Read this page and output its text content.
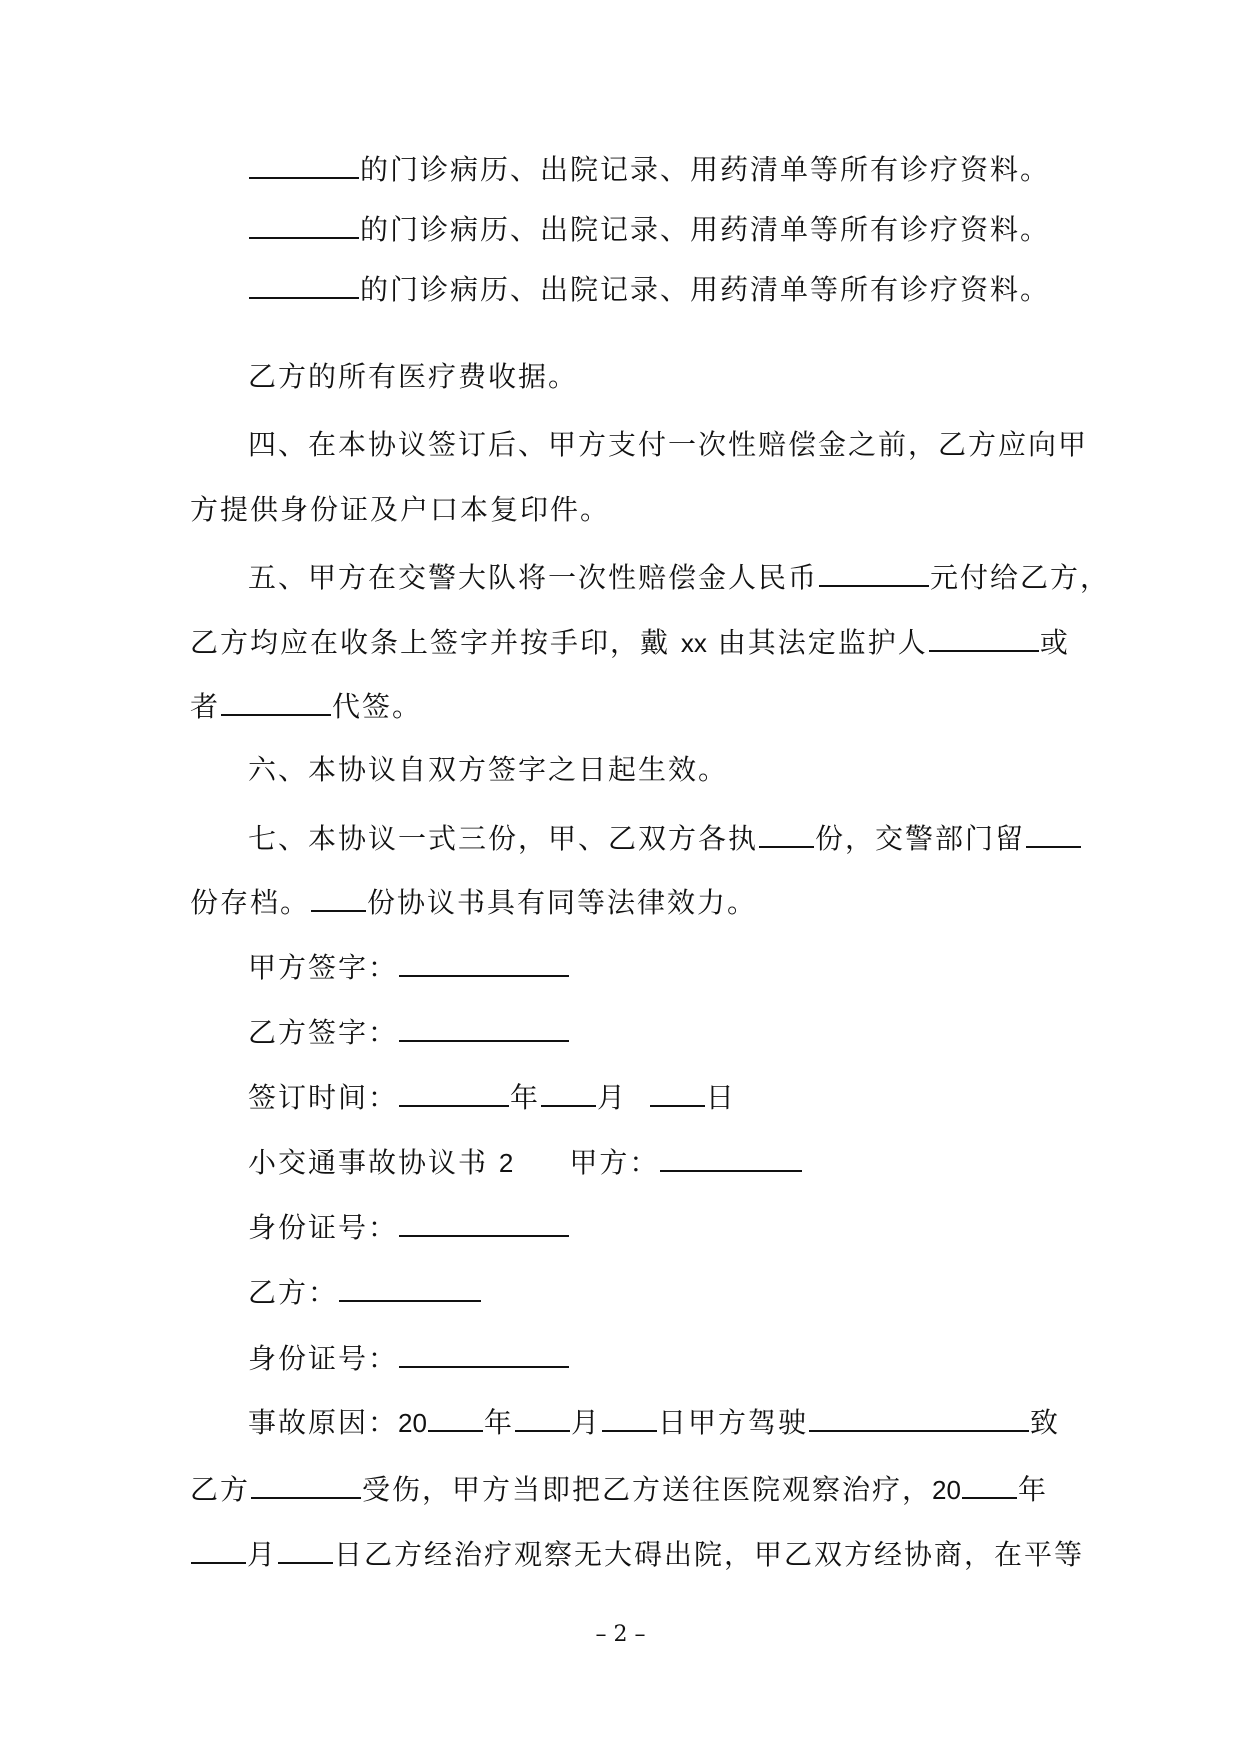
的门诊病历、出院记录、用药清单等所有诊疗资料。
的门诊病历、出院记录、用药清单等所有诊疗资料。
的门诊病历、出院记录、用药清单等所有诊疗资料。
乙方的所有医疗费收据。
四、在本协议签订后、甲方支付一次性赔偿金之前，乙方应向甲
方提供身份证及户口本复印件。
五、甲方在交警大队将一次性赔偿金人民币	元付给乙方，
乙方均应在收条上签字并按手印，戴 xx 由其法定监护人	或
者	代签。
六、本协议自双方签字之日起生效。
七、本协议一式三份，甲、乙双方各执 份，交警部门留
份存档。 份协议书具有同等法律效力。
甲方签字：
乙方签字：
签订时间：	年 月	日
小交通事故协议书 2 甲方：
身份证号：
乙方：
身份证号：
事故原因：20 年 月 日甲方驾驶	致
乙方	受伤，甲方当即把乙方送往医院观察治疗，20 年
月 日乙方经治疗观察无大碍出院，甲乙双方经协商，在平等
– 2 –
